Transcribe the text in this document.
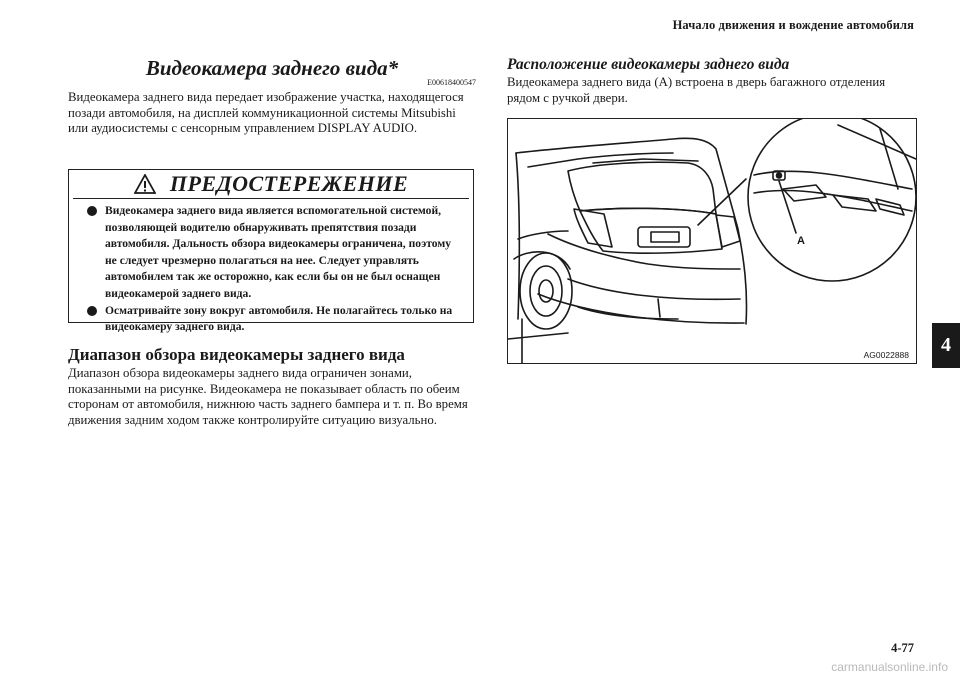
Начало движения и вождение автомобиля
Видеокамера заднего вида*
E00618400547

Видеокамера заднего вида передает изображение участка, находящегося позади автомобиля, на дисплей коммуникационной системы Mitsubishi или аудиосистемы с сенсорным управлением DISPLAY AUDIO.

ПРЕДОСТЕРЕЖЕНИЕ
Видеокамера заднего вида является вспомогательной системой, позволяющей водителю обнаруживать препятствия позади автомобиля. Дальность обзора видеокамеры ограничена, поэтому не следует чрезмерно полагаться на нее. Следует управлять автомобилем так же осторожно, как если бы он не был оснащен видеокамерой заднего вида.
Осматривайте зону вокруг автомобиля. Не полагайтесь только на видеокамеру заднего вида.
Диапазон обзора видеокамеры заднего вида

Диапазон обзора видеокамеры заднего вида ограничен зонами, показанными на рисунке. Видеокамера не показывает область по обеим сторонам от автомобиля, нижнюю часть заднего бампера и т. п. Во время движения задним ходом также контролируйте ситуацию визуально.

Расположение видеокамеры заднего вида

Видеокамера заднего вида (A) встроена в дверь багажного отделения рядом с ручкой двери.

A
AG0022888	4
4-77
carmanualsonline.info
